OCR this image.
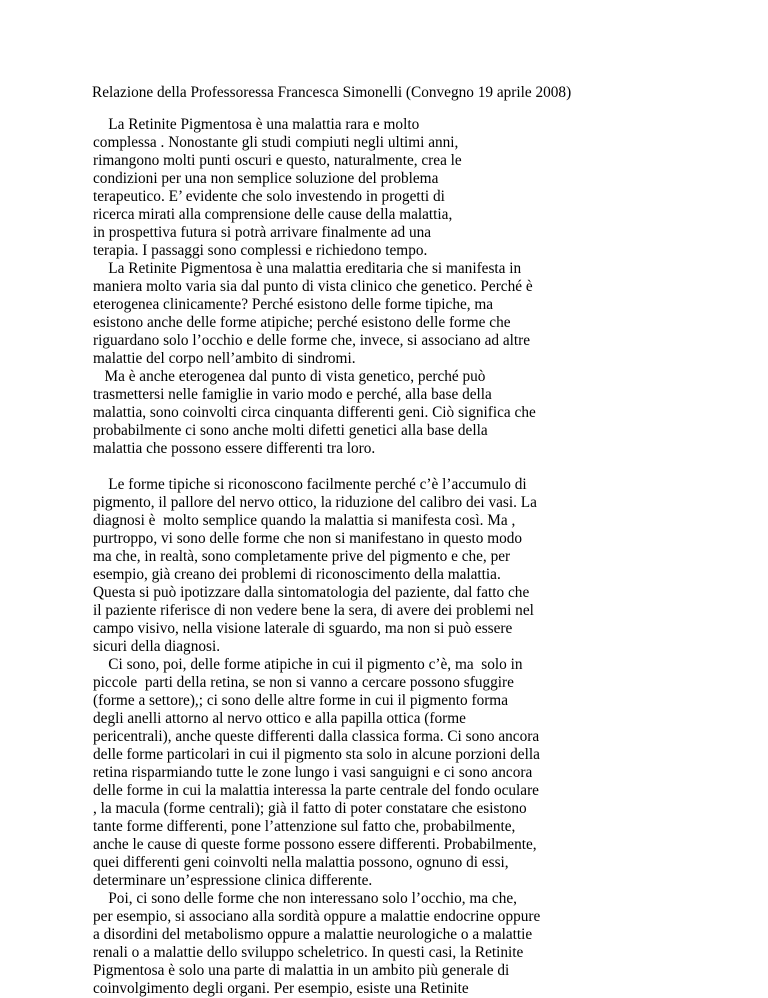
Relazione della Professoressa Francesca Simonelli (Convegno 19 aprile 2008)
La Retinite Pigmentosa è una malattia rara e molto
complessa . Nonostante gli studi compiuti negli ultimi anni,
rimangono molti punti oscuri e questo, naturalmente, crea le
condizioni per una non semplice soluzione del problema
terapeutico. E’ evidente che solo investendo in progetti di
ricerca mirati alla comprensione delle cause della malattia,
in prospettiva futura si potrà arrivare finalmente ad una
terapia. I passaggi sono complessi e richiedono tempo.
La Retinite Pigmentosa è una malattia ereditaria che si manifesta in
maniera molto varia sia dal punto di vista clinico che genetico. Perché è
eterogenea clinicamente? Perché esistono delle forme tipiche, ma
esistono anche delle forme atipiche; perché esistono delle forme che
riguardano solo l’occhio e delle forme che, invece, si associano ad altre
malattie del corpo nell’ambito di sindromi.
Ma è anche eterogenea dal punto di vista genetico, perché può
trasmettersi nelle famiglie in vario modo e perché, alla base della
malattia, sono coinvolti circa cinquanta differenti geni. Ciò significa che
probabilmente ci sono anche molti difetti genetici alla base della
malattia che possono essere differenti tra loro.
Le forme tipiche si riconoscono facilmente perché c’è l’accumulo di
pigmento, il pallore del nervo ottico, la riduzione del calibro dei vasi. La
diagnosi è  molto semplice quando la malattia si manifesta così. Ma ,
purtroppo, vi sono delle forme che non si manifestano in questo modo
ma che, in realtà, sono completamente prive del pigmento e che, per
esempio, già creano dei problemi di riconoscimento della malattia.
Questa si può ipotizzare dalla sintomatologia del paziente, dal fatto che
il paziente riferisce di non vedere bene la sera, di avere dei problemi nel
campo visivo, nella visione laterale di sguardo, ma non si può essere
sicuri della diagnosi.
Ci sono, poi, delle forme atipiche in cui il pigmento c’è, ma  solo in
piccole  parti della retina, se non si vanno a cercare possono sfuggire
(forme a settore),; ci sono delle altre forme in cui il pigmento forma
degli anelli attorno al nervo ottico e alla papilla ottica (forme
pericentrali), anche queste differenti dalla classica forma. Ci sono ancora
delle forme particolari in cui il pigmento sta solo in alcune porzioni della
retina risparmiando tutte le zone lungo i vasi sanguigni e ci sono ancora
delle forme in cui la malattia interessa la parte centrale del fondo oculare
, la macula (forme centrali); già il fatto di poter constatare che esistono
tante forme differenti, pone l’attenzione sul fatto che, probabilmente,
anche le cause di queste forme possono essere differenti. Probabilmente,
quei differenti geni coinvolti nella malattia possono, ognuno di essi,
determinare un’espressione clinica differente.
Poi, ci sono delle forme che non interessano solo l’occhio, ma che,
per esempio, si associano alla sordità oppure a malattie endocrine oppure
a disordini del metabolismo oppure a malattie neurologiche o a malattie
renali o a malattie dello sviluppo scheletrico. In questi casi, la Retinite
Pigmentosa è solo una parte di malattia in un ambito più generale di
coinvolgimento degli organi. Per esempio, esiste una Retinite
